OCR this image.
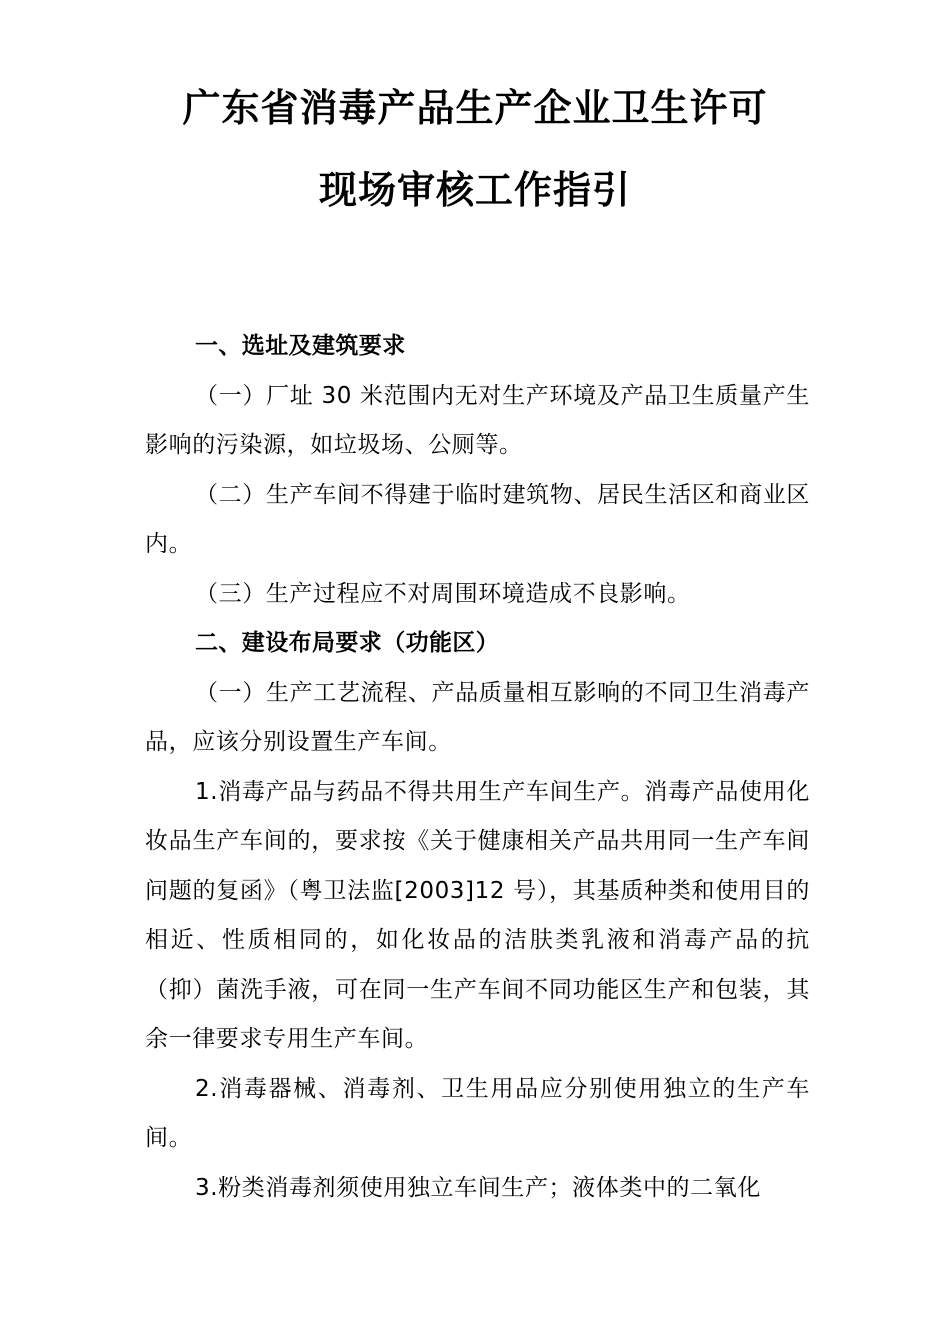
广东省消毒产品生产企业卫生许可
现场审核工作指引

一、选址及建筑要求

（一）厂址 30 米范围内无对生产环境及产品卫生质量产生影响的污染源，如垃圾场、公厕等。

（二）生产车间不得建于临时建筑物、居民生活区和商业区内。

（三）生产过程应不对周围环境造成不良影响。

二、建设布局要求（功能区）

（一）生产工艺流程、产品质量相互影响的不同卫生消毒产品，应该分别设置生产车间。

1.消毒产品与药品不得共用生产车间生产。消毒产品使用化妆品生产车间的，要求按《关于健康相关产品共用同一生产车间问题的复函》（粤卫法监[2003]12 号），其基质种类和使用目的相近、性质相同的，如化妆品的洁肤类乳液和消毒产品的抗（抑）菌洗手液，可在同一生产车间不同功能区生产和包装，其余一律要求专用生产车间。

2.消毒器械、消毒剂、卫生用品应分别使用独立的生产车间。

3.粉类消毒剂须使用独立车间生产；液体类中的二氧化
